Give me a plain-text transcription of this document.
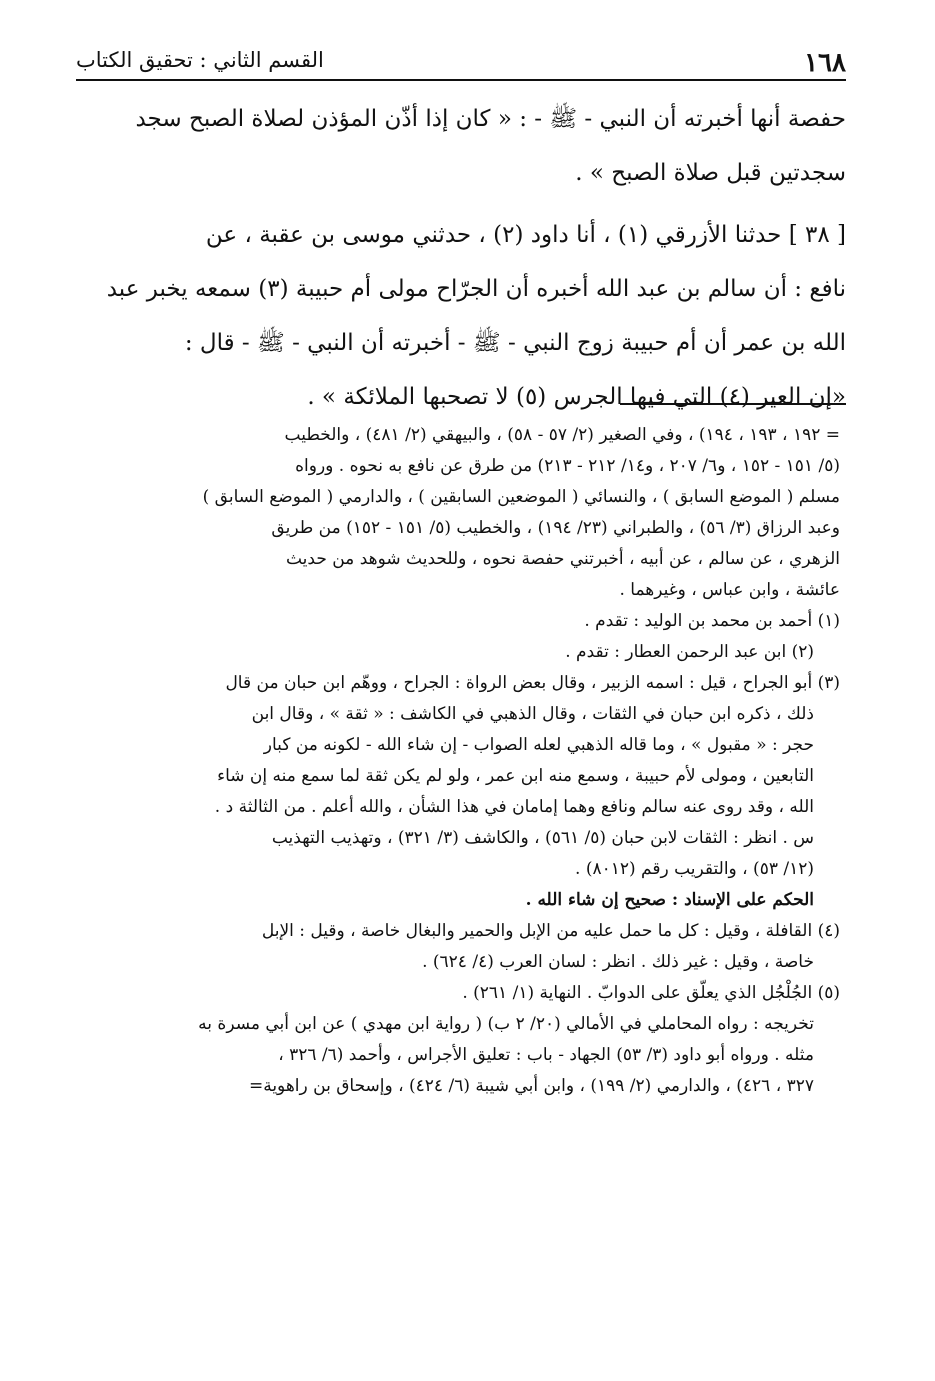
١٦٨
القسم الثاني : تحقيق الكتاب
حفصة أنها أخبرته أن النبي - ﷺ - : « كان إذا أذّن المؤذن لصلاة الصبح سجد
سجدتين قبل صلاة الصبح » .
[ ٣٨ ] حدثنا الأزرقي (١) ، أنا داود (٢) ، حدثني موسى بن عقبة ، عن
نافع : أن سالم بن عبد الله أخبره أن الجرّاح مولى أم حبيبة (٣) سمعه يخبر عبد
الله بن عمر أن أم حبيبة زوج النبي - ﷺ - أخبرته أن النبي - ﷺ - قال :
«إن العير (٤) التي فيها الجرس (٥) لا تصحبها الملائكة » .
= ١٩٢ ، ١٩٣ ، ١٩٤) ، وفي الصغير (٢/ ٥٧ - ٥٨) ، والبيهقي (٢/ ٤٨١) ، والخطيب
(٥/ ١٥١ - ١٥٢ ، و٦/ ٢٠٧ ، و١٤/ ٢١٢ - ٢١٣) من طرق عن نافع به نحوه . ورواه
مسلم ( الموضع السابق ) ، والنسائي ( الموضعين السابقين ) ، والدارمي ( الموضع السابق )
وعبد الرزاق (٣/ ٥٦) ، والطبراني (٢٣/ ١٩٤) ، والخطيب (٥/ ١٥١ - ١٥٢) من طريق
الزهري ، عن سالم ، عن أبيه ، أخبرتني حفصة نحوه ، وللحديث شوهد من حديث
عائشة ، وابن عباس ، وغيرهما .
(١) أحمد بن محمد بن الوليد : تقدم .
(٢) ابن عبد الرحمن العطار : تقدم .
(٣) أبو الجراح ، قيل : اسمه الزبير ، وقال بعض الرواة : الجراح ، ووهّم ابن حبان من قال
ذلك ، ذكره ابن حبان في الثقات ، وقال الذهبي في الكاشف : « ثقة » ، وقال ابن
حجر : « مقبول » ، وما قاله الذهبي لعله الصواب - إن شاء الله - لكونه من كبار
التابعين ، ومولى لأم حبيبة ، وسمع منه ابن عمر ، ولو لم يكن ثقة لما سمع منه إن شاء
الله ، وقد روى عنه سالم ونافع وهما إمامان في هذا الشأن ، والله أعلم . من الثالثة د .
س . انظر : الثقات لابن حبان (٥/ ٥٦١) ، والكاشف (٣/ ٣٢١) ، وتهذيب التهذيب
(١٢/ ٥٣) ، والتقريب رقم (٨٠١٢) .
الحكم على الإسناد : صحيح إن شاء الله .
(٤) القافلة ، وقيل : كل ما حمل عليه من الإبل والحمير والبغال خاصة ، وقيل : الإبل
خاصة ، وقيل : غير ذلك . انظر : لسان العرب (٤/ ٦٢٤) .
(٥) الجُلْجُل الذي يعلّق على الدوابّ . النهاية (١/ ٢٦١) .
تخريجه : رواه المحاملي في الأمالي (٢٠/ ٢ ب) ( رواية ابن مهدي ) عن ابن أبي مسرة به
مثله . ورواه أبو داود (٣/ ٥٣) الجهاد - باب : تعليق الأجراس ، وأحمد (٦/ ٣٢٦ ،
٣٢٧ ، ٤٢٦) ، والدارمي (٢/ ١٩٩) ، وابن أبي شيبة (٦/ ٤٢٤) ، وإسحاق بن راهوية=
